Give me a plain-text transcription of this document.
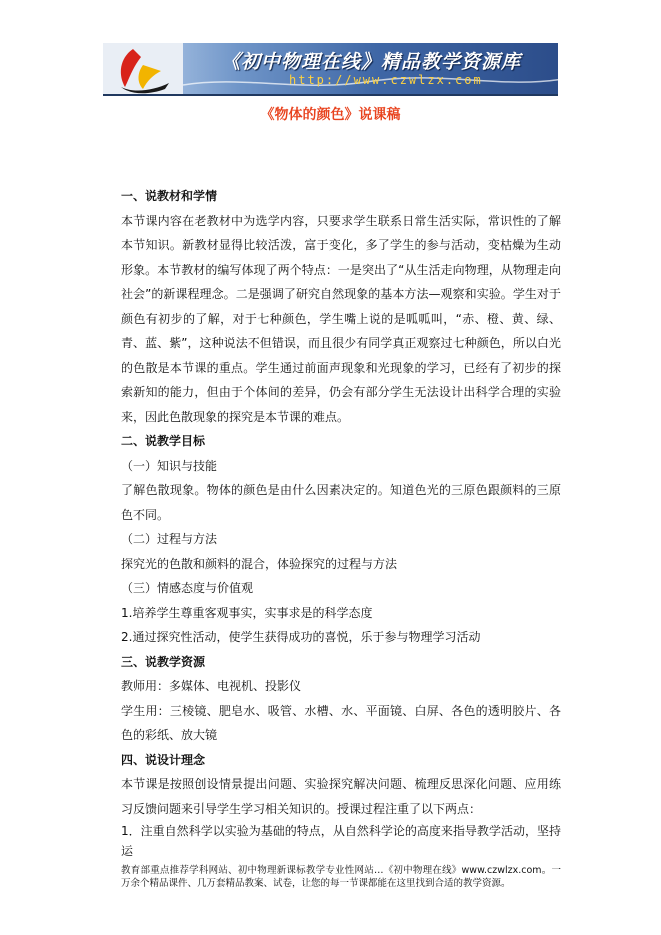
《初中物理在线》精品教学资源库
http://www.czwlzx.com
《物体的颜色》说课稿

一、说教材和学情

本节课内容在老教材中为选学内容，只要求学生联系日常生活实际，常识性的了解本节知识。新教材显得比较活泼，富于变化，多了学生的参与活动，变枯燥为生动形象。本节教材的编写体现了两个特点：一是突出了“从生活走向物理，从物理走向社会”的新课程理念。二是强调了研究自然现象的基本方法—观察和实验。学生对于颜色有初步的了解，对于七种颜色，学生嘴上说的是呱呱叫，“赤、橙、黄、绿、青、蓝、紫”，这种说法不但错误，而且很少有同学真正观察过七种颜色，所以白光的色散是本节课的重点。学生通过前面声现象和光现象的学习，已经有了初步的探索新知的能力，但由于个体间的差异，仍会有部分学生无法设计出科学合理的实验来，因此色散现象的探究是本节课的难点。

二、说教学目标

（一）知识与技能

了解色散现象。物体的颜色是由什么因素决定的。知道色光的三原色跟颜料的三原色不同。

（二）过程与方法

探究光的色散和颜料的混合，体验探究的过程与方法

（三）情感态度与价值观

1.培养学生尊重客观事实，实事求是的科学态度

2.通过探究性活动，使学生获得成功的喜悦，乐于参与物理学习活动

三、说教学资源

教师用：多媒体、电视机、投影仪

学生用：三棱镜、肥皂水、吸管、水槽、水、平面镜、白屏、各色的透明胶片、各色的彩纸、放大镜

四、说设计理念

本节课是按照创设情景提出问题、实验探究解决问题、梳理反思深化问题、应用练习反馈问题来引导学生学习相关知识的。授课过程注重了以下两点：

1．注重自然科学以实验为基础的特点，从自然科学论的高度来指导教学活动，坚持运

教育部重点推荐学科网站、初中物理新课标教学专业性网站…《初中物理在线》www.czwlzx.com。一万余个精品课件、几万套精品教案、试卷，让您的每一节课都能在这里找到合适的教学资源。
